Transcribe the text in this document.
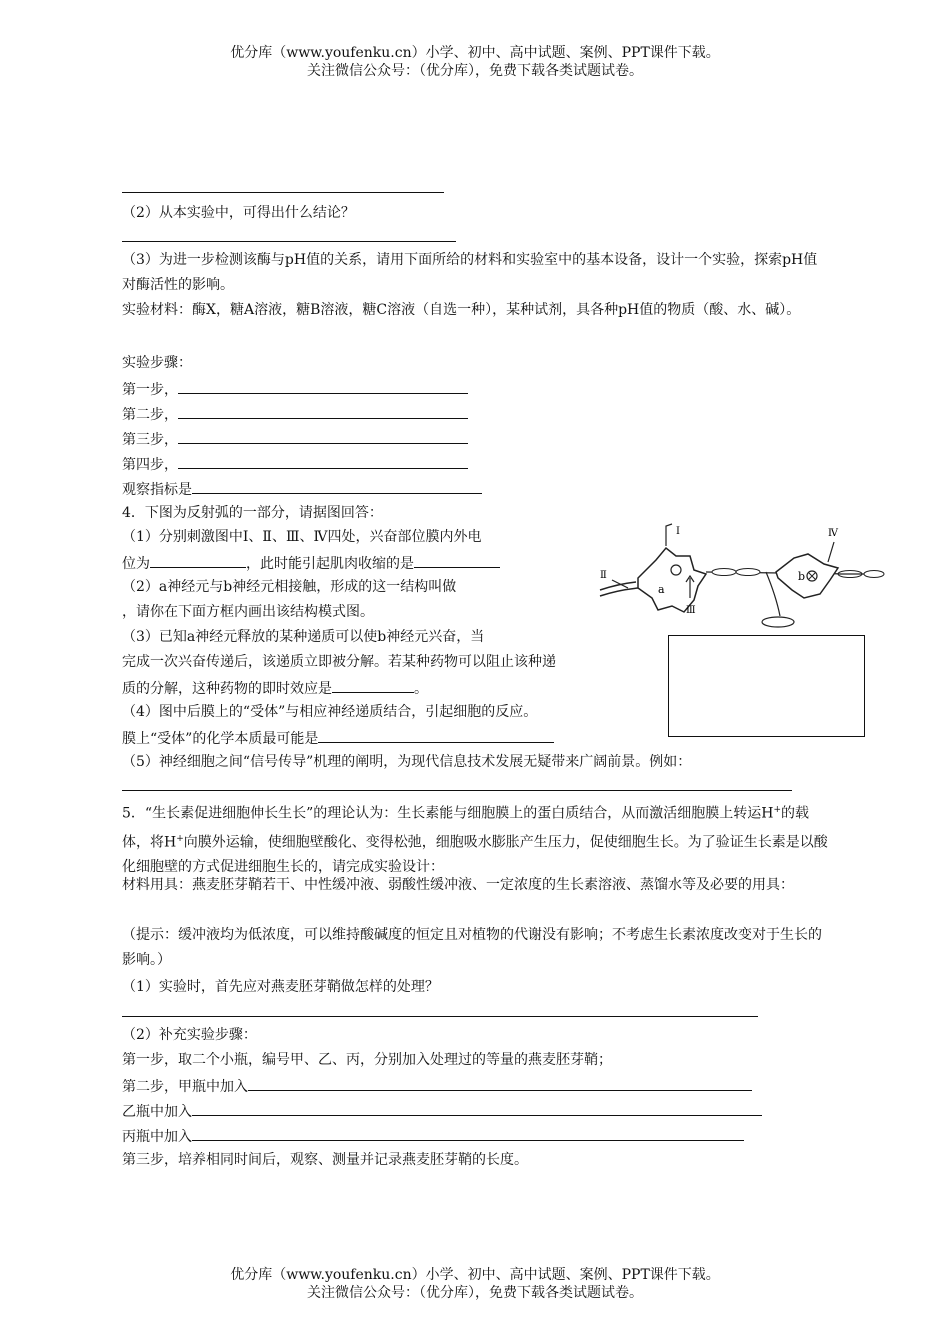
优分库（www.youfenku.cn）小学、初中、高中试题、案例、PPT课件下载。
关注微信公众号：（优分库），免费下载各类试题试卷。
（2）从本实验中，可得出什么结论？
（3）为进一步检测该酶与pH值的关系，请用下面所给的材料和实验室中的基本设备，设计一个实验，探索pH值对酶活性的影响。
实验材料：酶X，糖A溶液，糖B溶液，糖C溶液（自选一种），某种试剂，具各种pH值的物质（酸、水、碱）。
实验步骤：
第一步，
第二步，
第三步，
第四步，
观察指标是
4．下图为反射弧的一部分，请据图回答：
（1）分别刺激图中Ⅰ、Ⅱ、Ⅲ、Ⅳ四处，兴奋部位膜内外电
位为	，此时能引起肌肉收缩的是
（2）a神经元与b神经元相接触，形成的这一结构叫做
，请你在下面方框内画出该结构模式图。
（3）已知a神经元释放的某种递质可以使b神经元兴奋，当
完成一次兴奋传递后，该递质立即被分解。若某种药物可以阻止该种递
质的分解，这种药物的即时效应是	。
（4）图中后膜上的“受体”与相应神经递质结合，引起细胞的反应。
膜上“受体”的化学本质最可能是
（5）神经细胞之间“信号传导”机理的阐明，为现代信息技术发展无疑带来广阔前景。例如：
a
b
Ⅰ
Ⅱ
Ⅲ
Ⅳ
5．“生长素促进细胞伸长生长”的理论认为：生长素能与细胞膜上的蛋白质结合，从而激活细胞膜上转运H+的载体，将H+向膜外运输，使细胞壁酸化、变得松弛，细胞吸水膨胀产生压力，促使细胞生长。为了验证生长素是以酸化细胞壁的方式促进细胞生长的，请完成实验设计：
材料用具：燕麦胚芽鞘若干、中性缓冲液、弱酸性缓冲液、一定浓度的生长素溶液、蒸馏水等及必要的用具：
（提示：缓冲液均为低浓度，可以维持酸碱度的恒定且对植物的代谢没有影响；不考虑生长素浓度改变对于生长的影响。）
（1）实验时，首先应对燕麦胚芽鞘做怎样的处理？
（2）补充实验步骤：
第一步，取二个小瓶，编号甲、乙、丙，分别加入处理过的等量的燕麦胚芽鞘；
第二步，甲瓶中加入
乙瓶中加入
丙瓶中加入
第三步，培养相同时间后，观察、测量并记录燕麦胚芽鞘的长度。
优分库（www.youfenku.cn）小学、初中、高中试题、案例、PPT课件下载。
关注微信公众号：（优分库），免费下载各类试题试卷。
